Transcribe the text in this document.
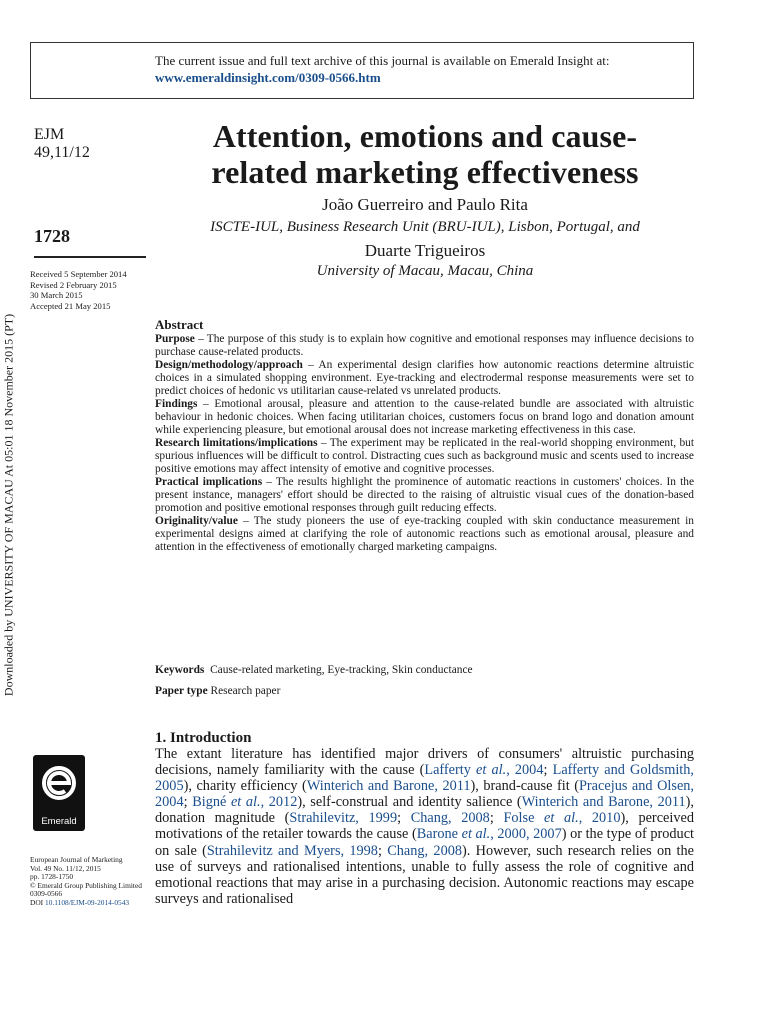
The current issue and full text archive of this journal is available on Emerald Insight at:
www.emeraldinsight.com/0309-0566.htm
Downloaded by UNIVERSITY OF MACAU At 05:01 18 November 2015 (PT)
EJM
49,11/12
1728
Received 5 September 2014
Revised 2 February 2015
30 March 2015
Accepted 21 May 2015
Emerald
European Journal of Marketing
Vol. 49 No. 11/12, 2015
pp. 1728-1750
© Emerald Group Publishing Limited
0309-0566
DOI 10.1108/EJM-09-2014-0543
Attention, emotions and cause-
related marketing effectiveness
João Guerreiro and Paulo Rita
ISCTE-IUL, Business Research Unit (BRU-IUL), Lisbon, Portugal, and
Duarte Trigueiros
University of Macau, Macau, China
Abstract

Purpose – The purpose of this study is to explain how cognitive and emotional responses may influence decisions to purchase cause-related products.

Design/methodology/approach – An experimental design clarifies how autonomic reactions determine altruistic choices in a simulated shopping environment. Eye-tracking and electrodermal response measurements were set to predict choices of hedonic vs utilitarian cause-related vs unrelated products.

Findings – Emotional arousal, pleasure and attention to the cause-related bundle are associated with altruistic behaviour in hedonic choices. When facing utilitarian choices, customers focus on brand logo and donation amount while experiencing pleasure, but emotional arousal does not increase marketing effectiveness in this case.

Research limitations/implications – The experiment may be replicated in the real-world shopping environment, but spurious influences will be difficult to control. Distracting cues such as background music and scents used to increase positive emotions may affect intensity of emotive and cognitive processes.

Practical implications – The results highlight the prominence of automatic reactions in customers' choices. In the present instance, managers' effort should be directed to the raising of altruistic visual cues of the donation-based promotion and positive emotional responses through guilt reducing effects.

Originality/value – The study pioneers the use of eye-tracking coupled with skin conductance measurement in experimental designs aimed at clarifying the role of autonomic reactions such as emotional arousal, pleasure and attention in the effectiveness of emotionally charged marketing campaigns.

Keywords Cause-related marketing, Eye-tracking, Skin conductance
Paper type Research paper
1. Introduction
The extant literature has identified major drivers of consumers' altruistic purchasing decisions, namely familiarity with the cause (Lafferty et al., 2004; Lafferty and Goldsmith, 2005), charity efficiency (Winterich and Barone, 2011), brand-cause fit (Pracejus and Olsen, 2004; Bigné et al., 2012), self-construal and identity salience (Winterich and Barone, 2011), donation magnitude (Strahilevitz, 1999; Chang, 2008; Folse et al., 2010), perceived motivations of the retailer towards the cause (Barone et al., 2000, 2007) or the type of product on sale (Strahilevitz and Myers, 1998; Chang, 2008). However, such research relies on the use of surveys and rationalised intentions, unable to fully assess the role of cognitive and emotional reactions that may arise in a purchasing decision. Autonomic reactions may escape surveys and rationalised
